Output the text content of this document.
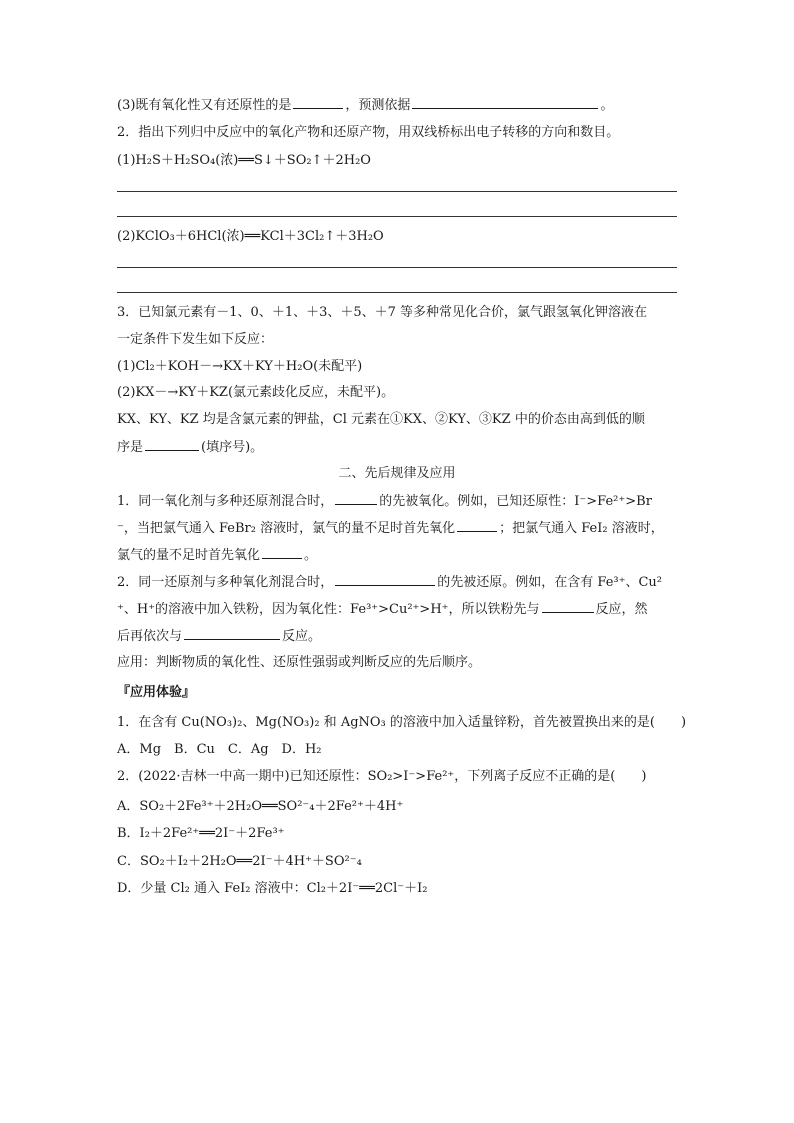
(3)既有氧化性又有还原性的是	，预测依据	。
2．指出下列归中反应中的氧化产物和还原产物，用双线桥标出电子转移的方向和数目。
(1)H₂S＋H₂SO₄(浓)══S↓＋SO₂↑＋2H₂O
(2)KClO₃＋6HCl(浓)══KCl＋3Cl₂↑＋3H₂O
3．已知氯元素有－1、0、＋1、＋3、＋5、＋7 等多种常见化合价，氯气跟氢氧化钾溶液在
一定条件下发生如下反应：
(1)Cl₂＋KOH－→KX＋KY＋H₂O(未配平)
(2)KX－→KY＋KZ(氯元素歧化反应，未配平)。
KX、KY、KZ 均是含氯元素的钾盐，Cl 元素在①KX、②KY、③KZ 中的价态由高到低的顺
序是	(填序号)。
二、先后规律及应用
1．同一氧化剂与多种还原剂混合时，	的先被氧化。例如，已知还原性：I⁻>Fe²⁺>Br
⁻，当把氯气通入 FeBr₂ 溶液时，氯气的量不足时首先氧化	；把氯气通入 FeI₂ 溶液时，
氯气的量不足时首先氧化	。
2．同一还原剂与多种氧化剂混合时，	的先被还原。例如，在含有 Fe³⁺、Cu²
⁺、H⁺的溶液中加入铁粉，因为氧化性：Fe³⁺>Cu²⁺>H⁺，所以铁粉先与	反应，然
后再依次与	反应。
应用：判断物质的氧化性、还原性强弱或判断反应的先后顺序。
『应用体验』
1．在含有 Cu(NO₃)₂、Mg(NO₃)₂ 和 AgNO₃ 的溶液中加入适量锌粉，首先被置换出来的是(　　)
A．Mg　B．Cu　C．Ag　D．H₂
2．(2022·吉林一中高一期中)已知还原性：SO₂>I⁻>Fe²⁺，下列离子反应不正确的是(　　)
A．SO₂＋2Fe³⁺＋2H₂O══SO²⁻₄＋2Fe²⁺＋4H⁺
B．I₂＋2Fe²⁺══2I⁻＋2Fe³⁺
C．SO₂＋I₂＋2H₂O══2I⁻＋4H⁺＋SO²⁻₄
D．少量 Cl₂ 通入 FeI₂ 溶液中：Cl₂＋2I⁻══2Cl⁻＋I₂
